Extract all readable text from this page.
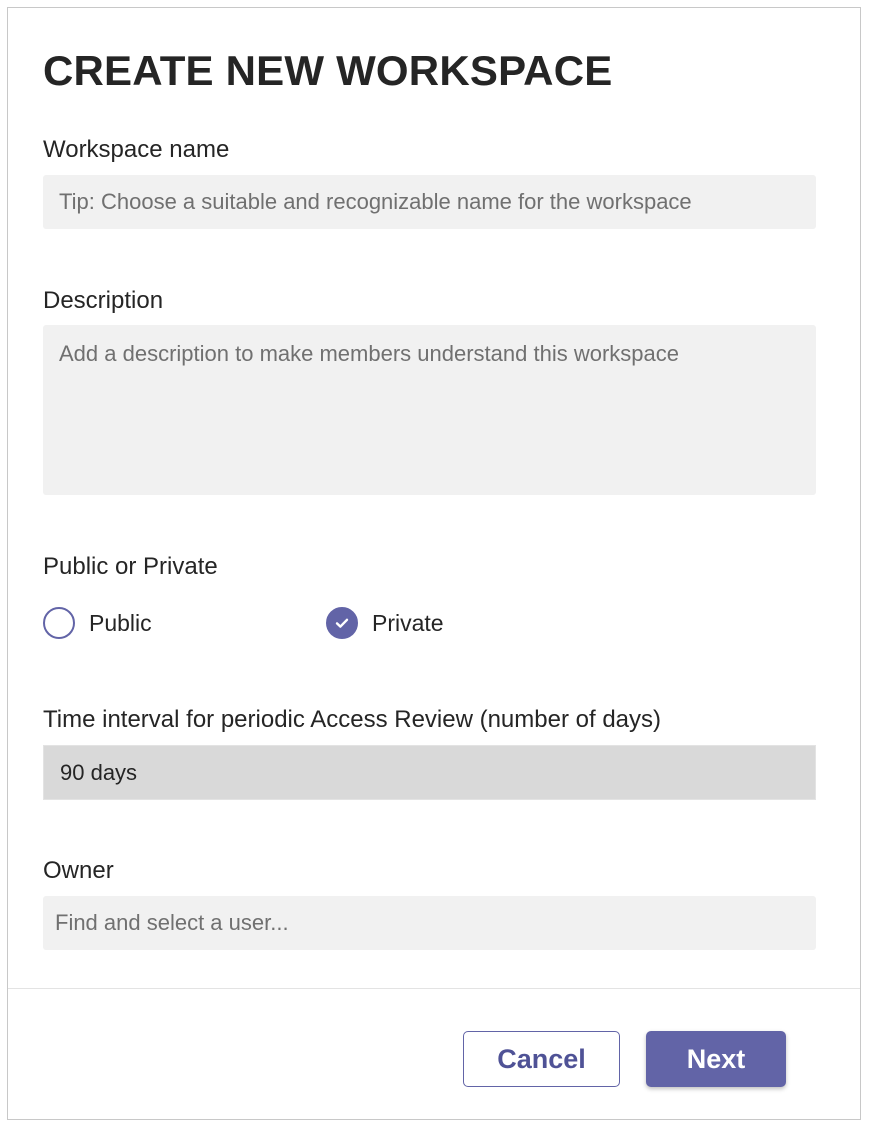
CREATE NEW WORKSPACE
Workspace name
Tip: Choose a suitable and recognizable name for the workspace
Description
Add a description to make members understand this workspace
Public or Private
Public	Private
Time interval for periodic Access Review (number of days)
90 days
Owner
Find and select a user...
Cancel	Next
